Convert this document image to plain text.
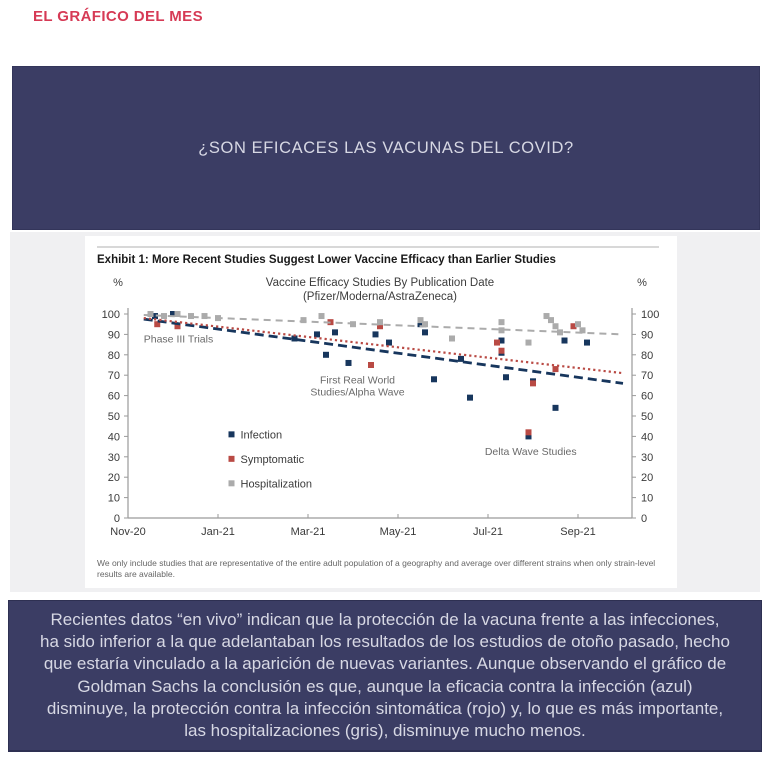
EL GRÁFICO DEL MES
¿SON EFICACES LAS VACUNAS DEL COVID?
Exhibit 1: More Recent Studies Suggest Lower Vaccine Efficacy than Earlier Studies
Vaccine Efficacy Studies By Publication Date
(Pfizer/Moderna/AstraZeneca)
%	%
0	0
10	10
20	20
30	30
40	40
50	50
60	60
70	70
80	80
90	90
100	100
Nov-20	Jan-21	Mar-21	May-21	Jul-21	Sep-21
Phase III Trials
First Real World
Studies/Alpha Wave
Delta Wave Studies
Infection
Symptomatic
Hospitalization
We only include studies that are representative of the entire adult population of a geography and average over different strains when only strain-level results are available.

Recientes datos “en vivo” indican que la protección de la vacuna frente a las infecciones, ha sido inferior a la que adelantaban los resultados de los estudios de otoño pasado, hecho que estaría vinculado a la aparición de nuevas variantes. Aunque observando el gráfico de Goldman Sachs la conclusión es que, aunque la eficacia contra la infección (azul) disminuye, la protección contra la infección sintomática (rojo) y, lo que es más importante, las hospitalizaciones (gris), disminuye mucho menos.
